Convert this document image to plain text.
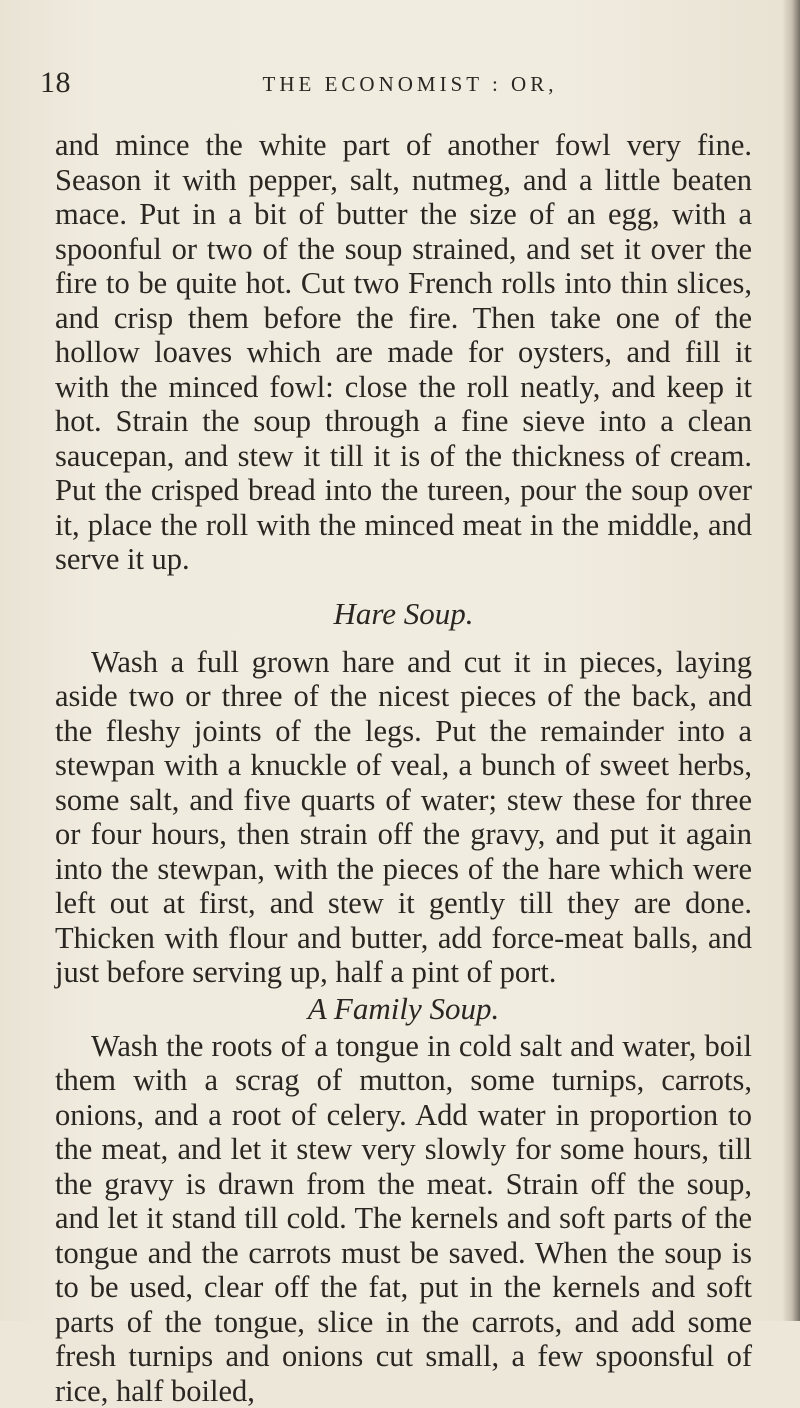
18	THE ECONOMIST : OR,

and mince the white part of another fowl very fine. Season it with pepper, salt, nutmeg, and a little beaten mace. Put in a bit of butter the size of an egg, with a spoonful or two of the soup strained, and set it over the fire to be quite hot. Cut two French rolls into thin slices, and crisp them before the fire. Then take one of the hollow loaves which are made for oysters, and fill it with the minced fowl: close the roll neatly, and keep it hot. Strain the soup through a fine sieve into a clean saucepan, and stew it till it is of the thickness of cream. Put the crisped bread into the tureen, pour the soup over it, place the roll with the minced meat in the middle, and serve it up.

Hare Soup.

Wash a full grown hare and cut it in pieces, laying aside two or three of the nicest pieces of the back, and the fleshy joints of the legs. Put the remainder into a stewpan with a knuckle of veal, a bunch of sweet herbs, some salt, and five quarts of water; stew these for three or four hours, then strain off the gravy, and put it again into the stewpan, with the pieces of the hare which were left out at first, and stew it gently till they are done. Thicken with flour and butter, add force-meat balls, and just before serving up, half a pint of port.

A Family Soup.

Wash the roots of a tongue in cold salt and water, boil them with a scrag of mutton, some turnips, carrots, onions, and a root of celery. Add water in proportion to the meat, and let it stew very slowly for some hours, till the gravy is drawn from the meat. Strain off the soup, and let it stand till cold. The kernels and soft parts of the tongue and the carrots must be saved. When the soup is to be used, clear off the fat, put in the kernels and soft parts of the tongue, slice in the carrots, and add some fresh turnips and onions cut small, a few spoonsful of rice, half boiled,
